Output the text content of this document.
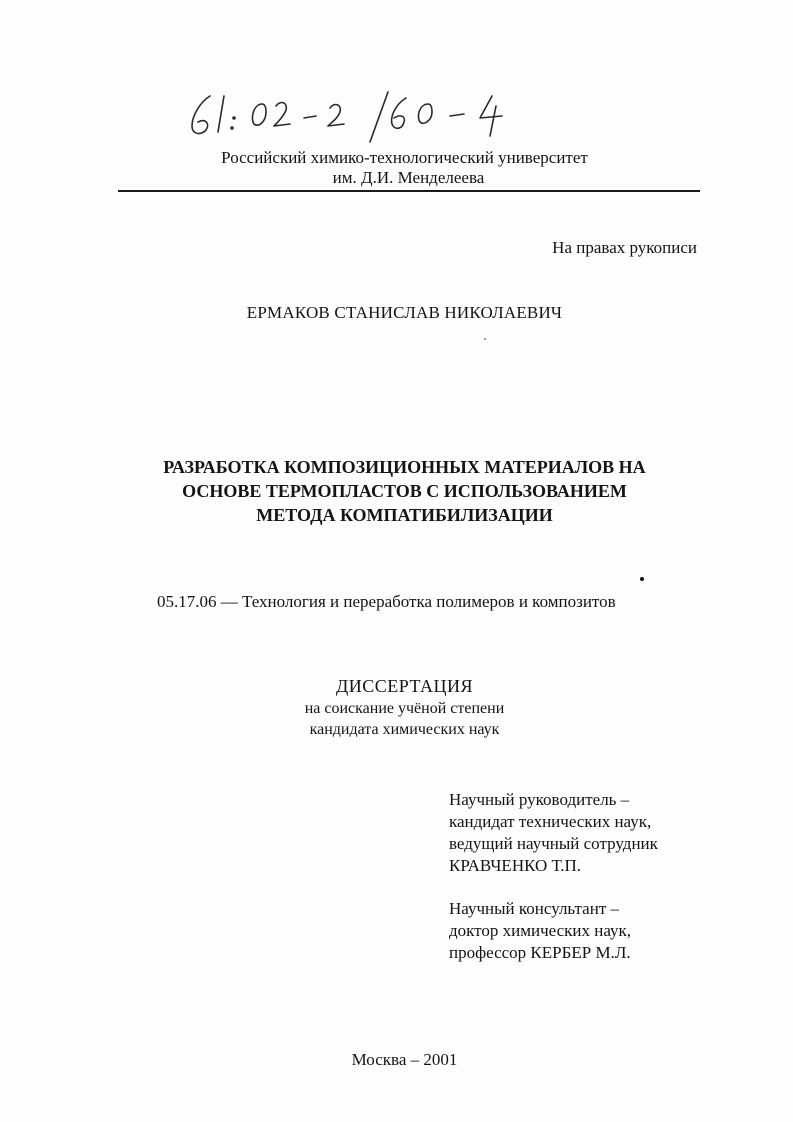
61: 02-2/60-4
Российский химико-технологический университет
им. Д.И. Менделеева
На правах рукописи
ЕРМАКОВ СТАНИСЛАВ НИКОЛАЕВИЧ
РАЗРАБОТКА КОМПОЗИЦИОННЫХ МАТЕРИАЛОВ НА
ОСНОВЕ ТЕРМОПЛАСТОВ С ИСПОЛЬЗОВАНИЕМ
МЕТОДА КОМПАТИБИЛИЗАЦИИ
05.17.06 — Технология и переработка полимеров и композитов
ДИССЕРТАЦИЯ
на соискание учёной степени
кандидата химических наук
Научный руководитель –
кандидат технических наук,
ведущий научный сотрудник
КРАВЧЕНКО Т.П.
Научный консультант –
доктор химических наук,
профессор КЕРБЕР М.Л.
Москва – 2001
